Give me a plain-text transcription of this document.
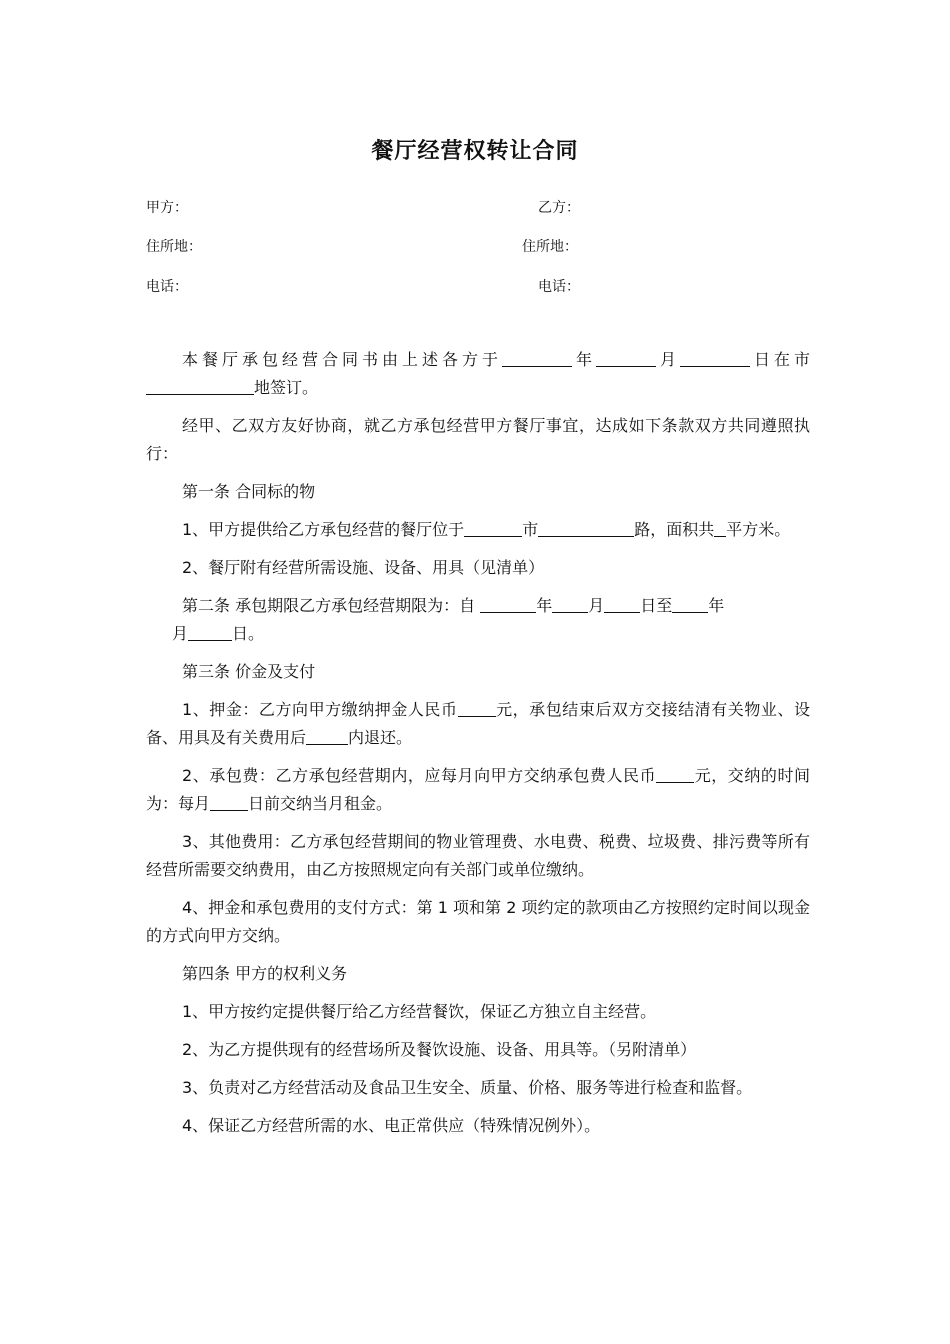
餐厅经营权转让合同
甲方：	乙方：
住所地：	住所地：
电话：	电话：

本餐厅承包经营合同书由上述各方于	年	月	日在市地签订。

经甲、乙双方友好协商，就乙方承包经营甲方餐厅事宜，达成如下条款双方共同遵照执行：

第一条 合同标的物

1、甲方提供给乙方承包经营的餐厅位于	市	路，面积共 平方米。

2、餐厅附有经营所需设施、设备、用具（见清单）

第二条 承包期限乙方承包经营期限为：自	年 月 日至 年
月	日。

第三条 价金及支付

1、押金：乙方向甲方缴纳押金人民币 元，承包结束后双方交接结清有关物业、设备、用具及有关费用后	内退还。

2、承包费：乙方承包经营期内，应每月向甲方交纳承包费人民币 元，交纳的时间为：每月 日前交纳当月租金。

3、其他费用：乙方承包经营期间的物业管理费、水电费、税费、垃圾费、排污费等所有经营所需要交纳费用，由乙方按照规定向有关部门或单位缴纳。

4、押金和承包费用的支付方式：第 1 项和第 2 项约定的款项由乙方按照约定时间以现金的方式向甲方交纳。

第四条 甲方的权利义务

1、甲方按约定提供餐厅给乙方经营餐饮，保证乙方独立自主经营。

2、为乙方提供现有的经营场所及餐饮设施、设备、用具等。（另附清单）

3、负责对乙方经营活动及食品卫生安全、质量、价格、服务等进行检查和监督。

4、保证乙方经营所需的水、电正常供应（特殊情况例外）。
